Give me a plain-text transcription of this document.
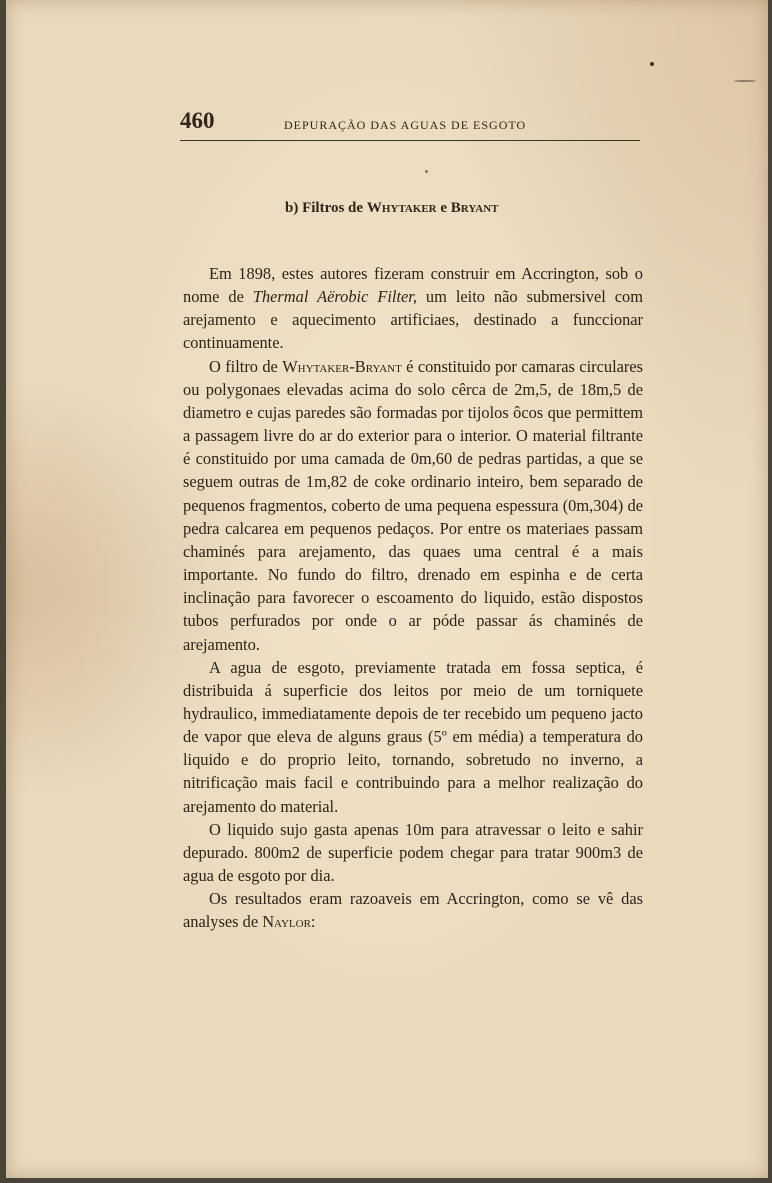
460	DEPURAÇÃO DAS AGUAS DE ESGOTO
b) Filtros de Whytaker e Bryant

Em 1898, estes autores fizeram construir em Accrington, sob o nome de Thermal Aërobic Filter, um leito não submersivel com arejamento e aquecimento artificiaes, destinado a funccionar continuamente.

O filtro de Whytaker-Bryant é constituido por camaras circulares ou polygonaes elevadas acima do solo cêrca de 2m,5, de 18m,5 de diametro e cujas paredes são formadas por tijolos ôcos que permittem a passagem livre do ar do exterior para o interior. O material filtrante é constituido por uma camada de 0m,60 de pedras partidas, a que se seguem outras de 1m,82 de coke ordinario inteiro, bem separado de pequenos fragmentos, coberto de uma pequena espessura (0m,304) de pedra calcarea em pequenos pedaços. Por entre os materiaes passam chaminés para arejamento, das quaes uma central é a mais importante. No fundo do filtro, drenado em espinha e de certa inclinação para favorecer o escoamento do liquido, estão dispostos tubos perfurados por onde o ar póde passar ás chaminés de arejamento.

A agua de esgoto, previamente tratada em fossa septica, é distribuida á superficie dos leitos por meio de um torniquete hydraulico, immediatamente depois de ter recebido um pequeno jacto de vapor que eleva de alguns graus (5º em média) a temperatura do liquido e do proprio leito, tornando, sobretudo no inverno, a nitrificação mais facil e contribuindo para a melhor realização do arejamento do material.

O liquido sujo gasta apenas 10m para atravessar o leito e sahir depurado. 800m2 de superficie podem chegar para tratar 900m3 de agua de esgoto por dia.

Os resultados eram razoaveis em Accrington, como se vê das analyses de Naylor:
